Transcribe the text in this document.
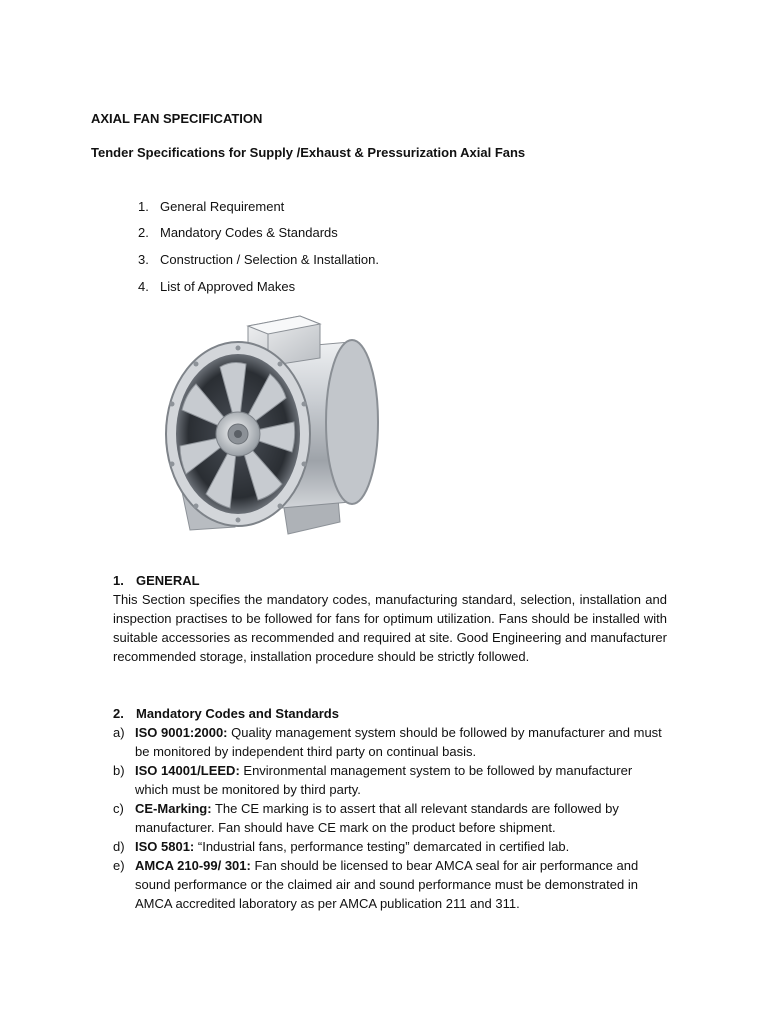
AXIAL FAN SPECIFICATION
Tender Specifications for Supply /Exhaust & Pressurization Axial Fans
1. General Requirement
2. Mandatory Codes & Standards
3. Construction / Selection & Installation.
4. List of Approved Makes
1. GENERAL
This Section specifies the mandatory codes, manufacturing standard, selection, installation and inspection practises to be followed for fans for optimum utilization. Fans should be installed with suitable accessories as recommended and required at site. Good Engineering and manufacturer recommended storage, installation procedure should be strictly followed.
2. Mandatory Codes and Standards
a) ISO 9001:2000: Quality management system should be followed by manufacturer and must be monitored by independent third party on continual basis.
b) ISO 14001/LEED: Environmental management system to be followed by manufacturer which must be monitored by third party.
c) CE-Marking: The CE marking is to assert that all relevant standards are followed by manufacturer. Fan should have CE mark on the product before shipment.
d) ISO 5801: “Industrial fans, performance testing” demarcated in certified lab.
e) AMCA 210-99/ 301: Fan should be licensed to bear AMCA seal for air performance and sound performance or the claimed air and sound performance must be demonstrated in AMCA accredited laboratory as per AMCA publication 211 and 311.
